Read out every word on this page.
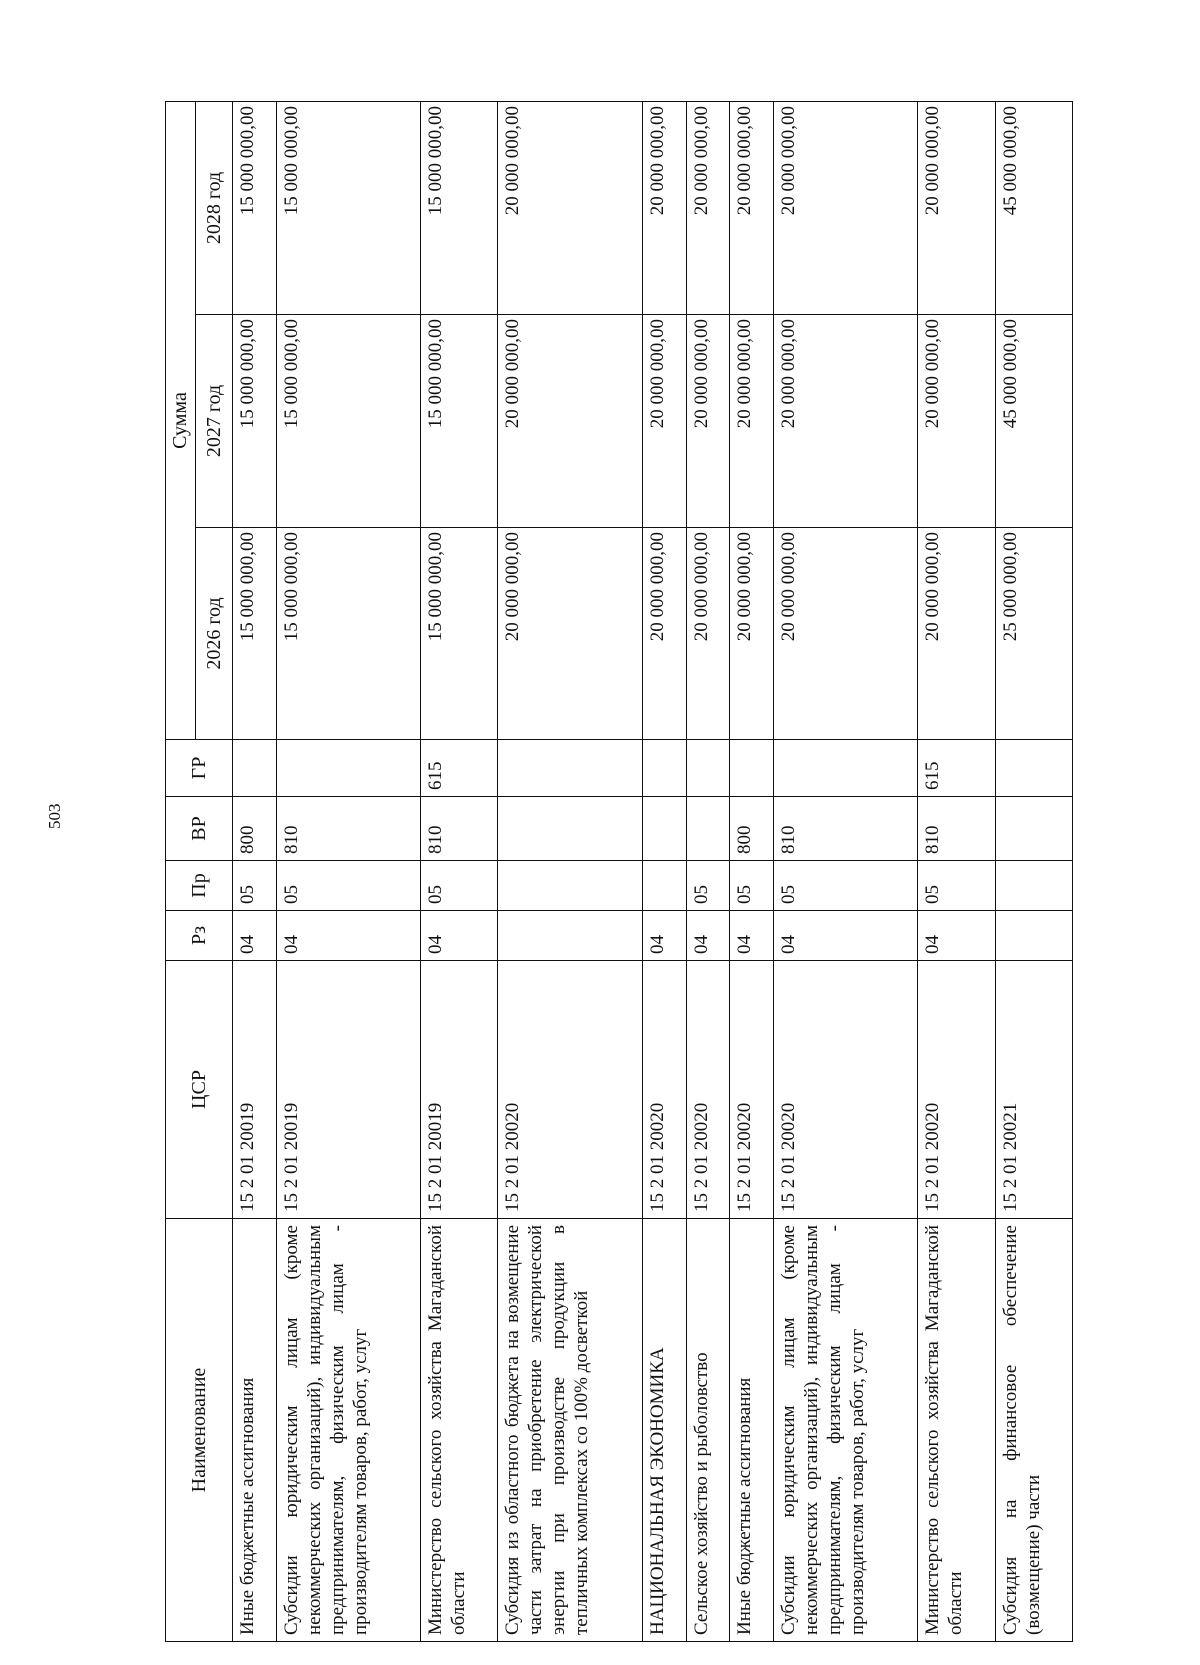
503
Наименование	ЦСР	Рз	Пр	ВР	ГР	Сумма		
						2026 год	2027 год	2028 год
Иные бюджетные ассигнования	15 2 01 20019	04	05	800		15 000 000,00	15 000 000,00	15 000 000,00
Субсидии юридическим лицам (кроме некоммерческих организаций), индивидуальным предпринимателям, физическим лицам - производителям товаров, работ, услуг	15 2 01 20019	04	05	810		15 000 000,00	15 000 000,00	15 000 000,00
Министерство сельского хозяйства Магаданской области	15 2 01 20019	04	05	810	615	15 000 000,00	15 000 000,00	15 000 000,00
Субсидия из областного бюджета на возмещение части затрат на приобретение электрической энергии при производстве продукции в тепличных комплексах со 100% досветкой	15 2 01 20020					20 000 000,00	20 000 000,00	20 000 000,00
НАЦИОНАЛЬНАЯ ЭКОНОМИКА	15 2 01 20020	04				20 000 000,00	20 000 000,00	20 000 000,00
Сельское хозяйство и рыболовство	15 2 01 20020	04	05			20 000 000,00	20 000 000,00	20 000 000,00
Иные бюджетные ассигнования	15 2 01 20020	04	05	800		20 000 000,00	20 000 000,00	20 000 000,00
Субсидии юридическим лицам (кроме некоммерческих организаций), индивидуальным предпринимателям, физическим лицам - производителям товаров, работ, услуг	15 2 01 20020	04	05	810		20 000 000,00	20 000 000,00	20 000 000,00
Министерство сельского хозяйства Магаданской области	15 2 01 20020	04	05	810	615	20 000 000,00	20 000 000,00	20 000 000,00
Субсидия на финансовое обеспечение (возмещение) части	15 2 01 20021					25 000 000,00	45 000 000,00	45 000 000,00
